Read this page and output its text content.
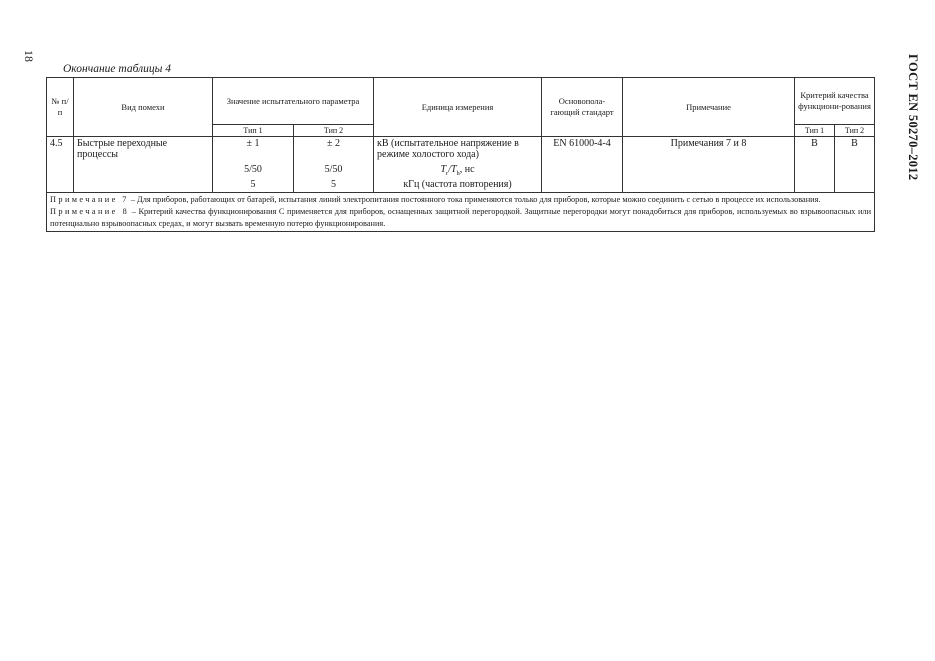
18	ГОСТ EN 50270–2012
Окончание таблицы 4
№ п/п	Вид помехи	Значение испытательного параметра		Единица измерения	Основопола-гающий стандарт	Примечание	Критерий качества функциони-рования	
		Тип 1	Тип 2				Тип 1	Тип 2
4.5	Быстрые переходные процессы	± 1	± 2	кВ (испытательное напряжение в режиме холостого хода)	EN 61000-4-4	Примечания 7 и 8	B	B
		5/50	5/50	$T_r/T_h$, нс				
		5	5	кГц (частота повторения)				

Примечание 7 – Для приборов, работающих от батарей, испытания линий электропитания постоянного тока применяются только для приборов, которые можно соединить с сетью в процессе их использования.
Примечание 8 – Критерий качества функционирования C применяется для приборов, оснащенных защитной перегородкой. Защитные перегородки могут понадобиться для приборов, используемых во взрывоопасных или потенциально взрывоопасных средах, и могут вызвать временную потерю функционирования.								
